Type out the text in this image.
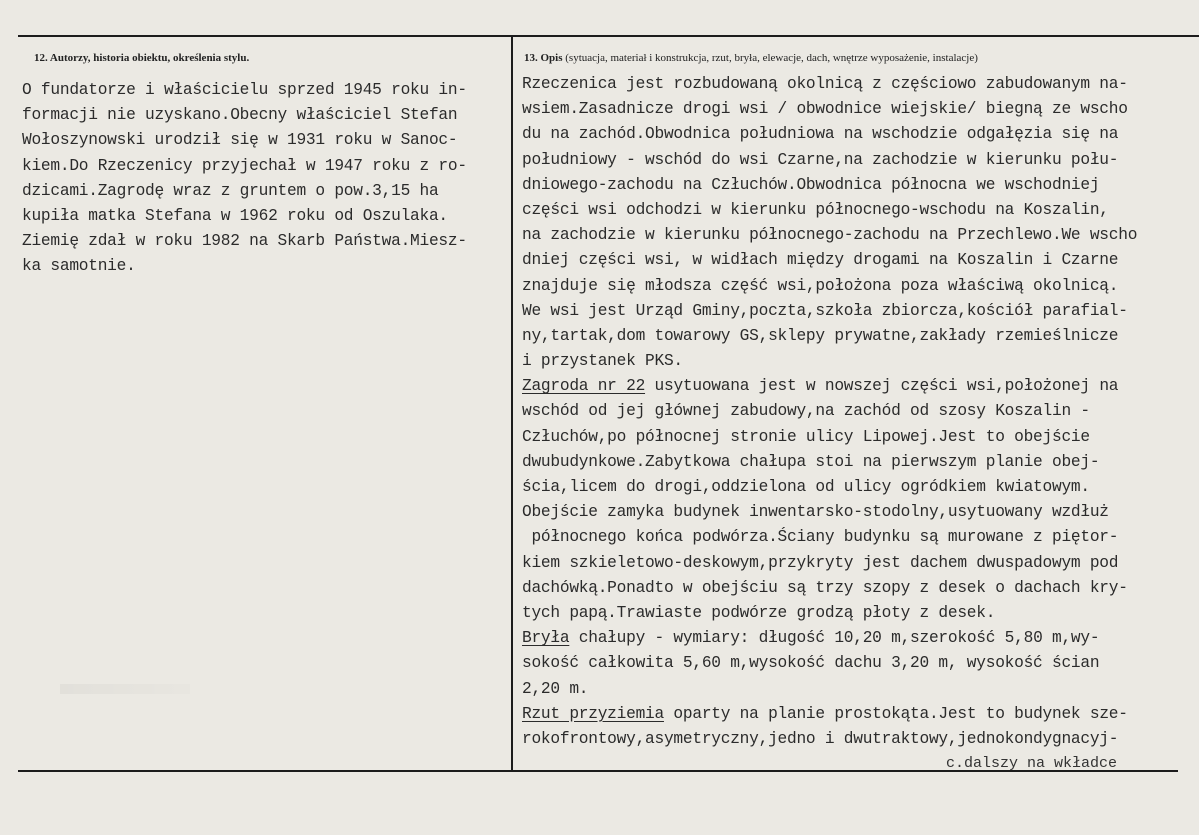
12. Autorzy, historia obiektu, określenia stylu.	13. Opis (sytuacja, materiał i konstrukcja, rzut, bryła, elewacje, dach, wnętrze wyposażenie, instalacje)
O fundatorze i właścicielu sprzed 1945 roku in-
formacji nie uzyskano.Obecny właściciel Stefan
Wołoszynowski urodził się w 1931 roku w Sanoc-
kiem.Do Rzeczenicy przyjechał w 1947 roku z ro-
dzicami.Zagrodę wraz z gruntem o pow.3,15 ha
kupiła matka Stefana w 1962 roku od Oszulaka.
Ziemię zdał w roku 1982 na Skarb Państwa.Miesz-
ka samotnie.
Rzeczenica jest rozbudowaną okolnicą z częściowo zabudowanym na-
wsiem.Zasadnicze drogi wsi / obwodnice wiejskie/ biegną ze wscho
du na zachód.Obwodnica południowa na wschodzie odgałęzia się na
południowy - wschód do wsi Czarne,na zachodzie w kierunku połu-
dniowego-zachodu na Człuchów.Obwodnica północna we wschodniej
części wsi odchodzi w kierunku północnego-wschodu na Koszalin,
na zachodzie w kierunku północnego-zachodu na Przechlewo.We wscho
dniej części wsi, w widłach między drogami na Koszalin i Czarne
znajduje się młodsza część wsi,położona poza właściwą okolnicą.
We wsi jest Urząd Gminy,poczta,szkoła zbiorcza,kościół parafial-
ny,tartak,dom towarowy GS,sklepy prywatne,zakłady rzemieślnicze
i przystanek PKS.
Zagroda nr 22 usytuowana jest w nowszej części wsi,położonej na
wschód od jej głównej zabudowy,na zachód od szosy Koszalin -
Człuchów,po północnej stronie ulicy Lipowej.Jest to obejście
dwubudynkowe.Zabytkowa chałupa stoi na pierwszym planie obej-
ścia,licem do drogi,oddzielona od ulicy ogródkiem kwiatowym.
Obejście zamyka budynek inwentarsko-stodolny,usytuowany wzdłuż
północnego końca podwórza.Ściany budynku są murowane z piętor-
kiem szkieletowo-deskowym,przykryty jest dachem dwuspadowym pod
dachówką.Ponadto w obejściu są trzy szopy z desek o dachach kry-
tych papą.Trawiaste podwórze grodzą płoty z desek.
Bryła chałupy - wymiary: długość 10,20 m,szerokość 5,80 m,wy-
sokość całkowita 5,60 m,wysokość dachu 3,20 m, wysokość ścian
2,20 m.
Rzut przyziemia oparty na planie prostokąta.Jest to budynek sze-
rokofrontowy,asymetryczny,jedno i dwutraktowy,jednokondygnacyj-
c.dalszy na wkładce
